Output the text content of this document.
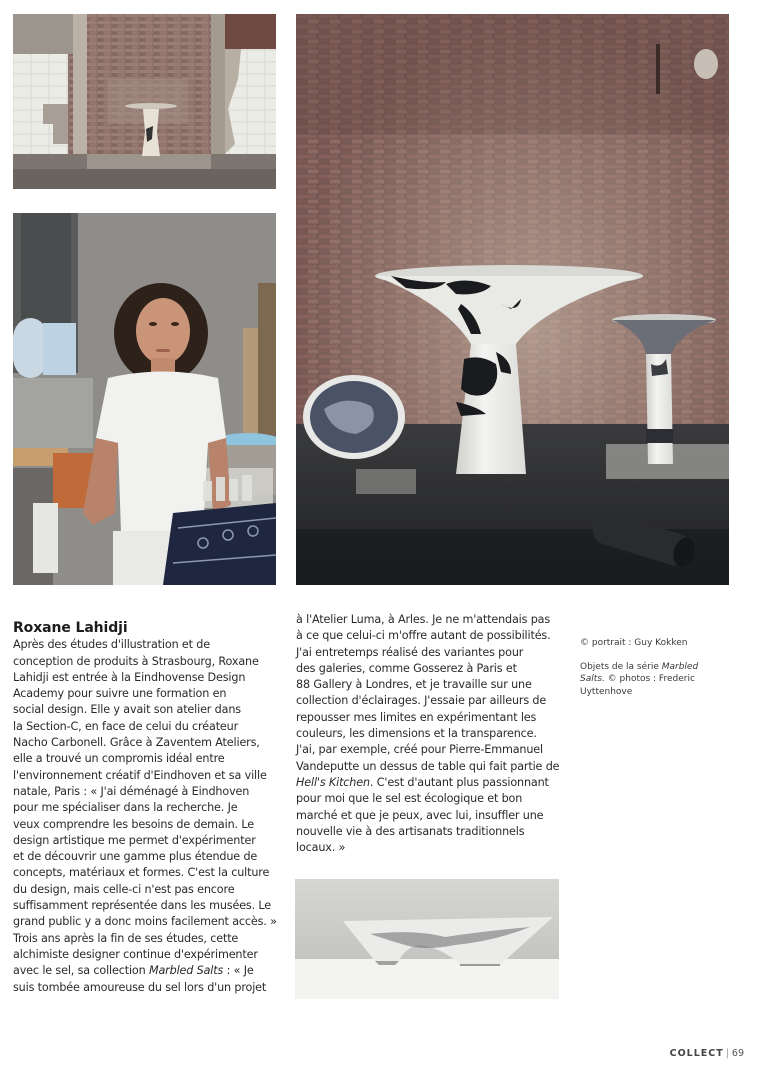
Roxane Lahidji

Après des études d'illustration et de

conception de produits à Strasbourg, Roxane

Lahidji est entrée à la Eindhovense Design

Academy pour suivre une formation en

social design. Elle y avait son atelier dans

la Section-C, en face de celui du créateur

Nacho Carbonell. Grâce à Zaventem Ateliers,

elle a trouvé un compromis idéal entre

l'environnement créatif d'Eindhoven et sa ville

natale, Paris : « J'ai déménagé à Eindhoven

pour me spécialiser dans la recherche. Je

veux comprendre les besoins de demain. Le

design artistique me permet d'expérimenter

et de découvrir une gamme plus étendue de

concepts, matériaux et formes. C'est la culture

du design, mais celle-ci n'est pas encore

suffisamment représentée dans les musées. Le

grand public y a donc moins facilement accès. »

Trois ans après la fin de ses études, cette

alchimiste designer continue d'expérimenter

avec le sel, sa collection Marbled Salts : « Je

suis tombée amoureuse du sel lors d'un projet

à l'Atelier Luma, à Arles. Je ne m'attendais pas

à ce que celui-ci m'offre autant de possibilités.

J'ai entretemps réalisé des variantes pour

des galeries, comme Gosserez à Paris et

88 Gallery à Londres, et je travaille sur une

collection d'éclairages. J'essaie par ailleurs de

repousser mes limites en expérimentant les

couleurs, les dimensions et la transparence.

J'ai, par exemple, créé pour Pierre-Emmanuel

Vandeputte un dessus de table qui fait partie de

Hell's Kitchen. C'est d'autant plus passionnant

pour moi que le sel est écologique et bon

marché et que je peux, avec lui, insuffler une

nouvelle vie à des artisanats traditionnels

locaux. »

© portrait : Guy Kokken
Objets de la série Marbled
Salts. © photos : Frederic
Uyttenhove
COLLECT | 69
